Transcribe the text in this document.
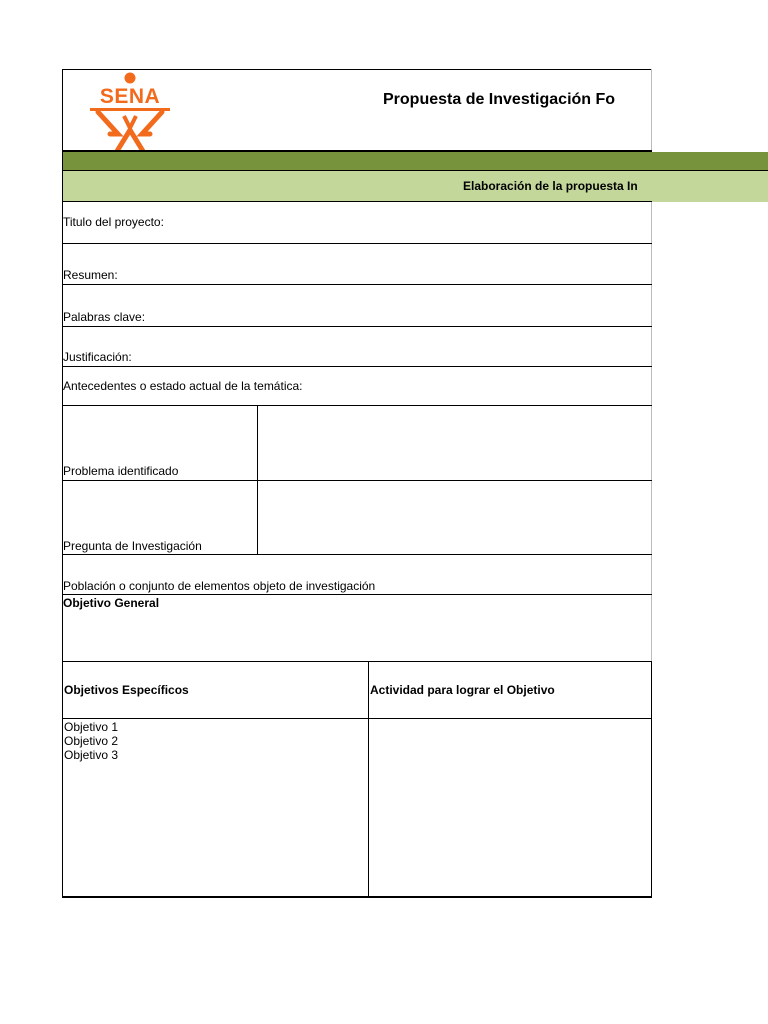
SENA	Propuesta de Investigación Fo
Elaboración de la propuesta In
Titulo del proyecto:
Resumen:
Palabras clave:
Justificación:
Antecedentes o estado actual de la temática:
Problema identificado
Pregunta de Investigación
Población o conjunto de elementos objeto de investigación
Objetivo General
Objetivos Específicos	Actividad para lograr el Objetivo
Objetivo 1
Objetivo 2
Objetivo 3
